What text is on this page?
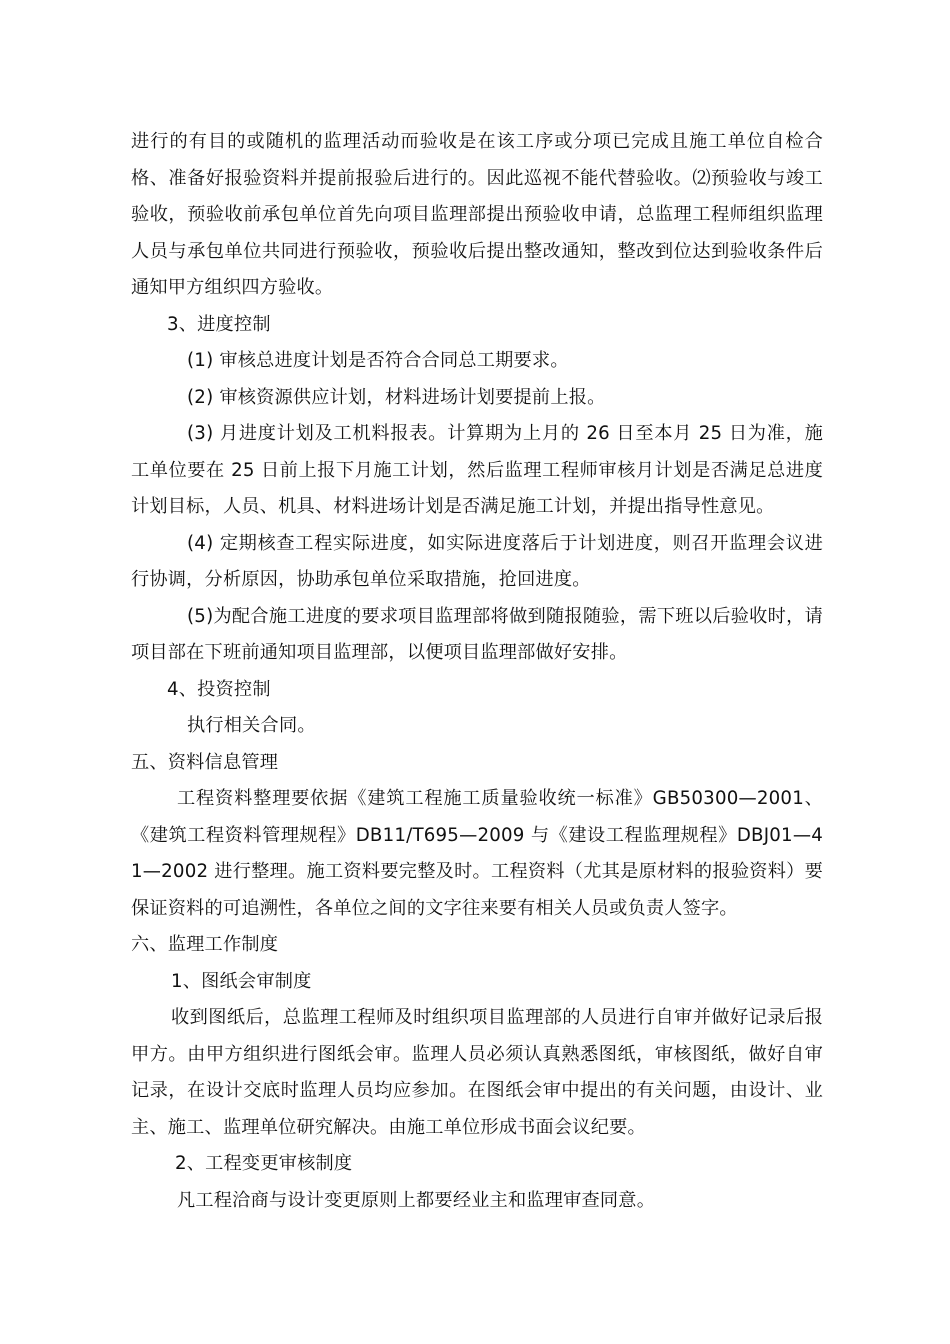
进行的有目的或随机的监理活动而验收是在该工序或分项已完成且施工单位自检合格、准备好报验资料并提前报验后进行的。因此巡视不能代替验收。⑵预验收与竣工验收，预验收前承包单位首先向项目监理部提出预验收申请，总监理工程师组织监理人员与承包单位共同进行预验收，预验收后提出整改通知，整改到位达到验收条件后通知甲方组织四方验收。

3、进度控制

(1) 审核总进度计划是否符合合同总工期要求。

(2) 审核资源供应计划，材料进场计划要提前上报。

(3) 月进度计划及工机料报表。计算期为上月的 26 日至本月 25 日为准，施工单位要在 25 日前上报下月施工计划，然后监理工程师审核月计划是否满足总进度计划目标，人员、机具、材料进场计划是否满足施工计划，并提出指导性意见。

(4) 定期核查工程实际进度，如实际进度落后于计划进度，则召开监理会议进行协调，分析原因，协助承包单位采取措施，抢回进度。

(5)为配合施工进度的要求项目监理部将做到随报随验，需下班以后验收时，请项目部在下班前通知项目监理部，以便项目监理部做好安排。

4、投资控制

执行相关合同。

五、资料信息管理

工程资料整理要依据《建筑工程施工质量验收统一标准》GB50300—2001、《建筑工程资料管理规程》DB11/T695—2009 与《建设工程监理规程》DBJ01—41—2002 进行整理。施工资料要完整及时。工程资料（尤其是原材料的报验资料）要保证资料的可追溯性，各单位之间的文字往来要有相关人员或负责人签字。

六、监理工作制度

1、图纸会审制度

收到图纸后，总监理工程师及时组织项目监理部的人员进行自审并做好记录后报甲方。由甲方组织进行图纸会审。监理人员必须认真熟悉图纸，审核图纸，做好自审记录，在设计交底时监理人员均应参加。在图纸会审中提出的有关问题，由设计、业主、施工、监理单位研究解决。由施工单位形成书面会议纪要。

2、工程变更审核制度

凡工程洽商与设计变更原则上都要经业主和监理审查同意。
